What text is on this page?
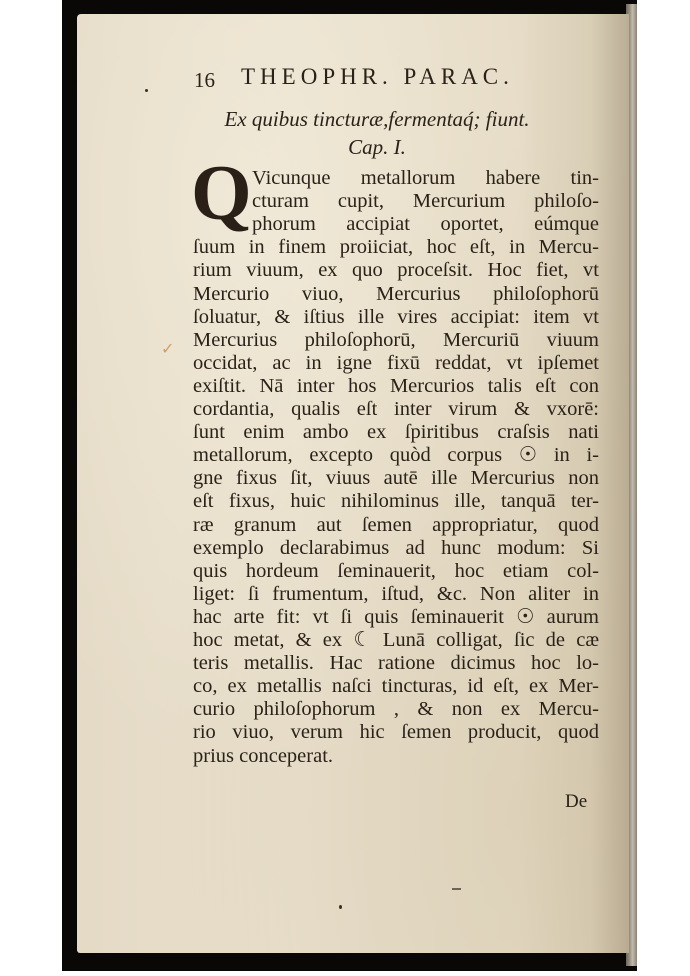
16 THEOPHR. PARAC.
Ex quibus tincturæ,fermentaq́; fiunt.
Cap. I.
Q
✓
Vicunque metallorum habere tin-
cturam cupit, Mercurium philoſo-
phorum accipiat oportet, eúmque
ſuum in finem proiiciat, hoc eſt, in Mercu-
rium viuum, ex quo proceſsit. Hoc fiet, vt
Mercurio viuo, Mercurius philoſophorū
ſoluatur, & iſtius ille vires accipiat: item vt
Mercurius philoſophorū, Mercuriū viuum
occidat, ac in igne fixū reddat, vt ipſemet
exiſtit. Nā inter hos Mercurios talis eſt con
cordantia, qualis eſt inter virum & vxorē:
ſunt enim ambo ex ſpiritibus craſsis nati
metallorum, excepto quòd corpus ☉ in i-
gne fixus ſit, viuus autē ille Mercurius non
eſt fixus, huic nihilominus ille, tanquā ter-
ræ granum aut ſemen appropriatur, quod
exemplo declarabimus ad hunc modum: Si
quis hordeum ſeminauerit, hoc etiam col-
liget: ſi frumentum, iſtud, &c. Non aliter in
hac arte fit: vt ſi quis ſeminauerit ☉ aurum
hoc metat, & ex ☾ Lunā colligat, ſic de cæ
teris metallis. Hac ratione dicimus hoc lo-
co, ex metallis naſci tincturas, id eſt, ex Mer-
curio philoſophorum , & non ex Mercu-
rio viuo, verum hic ſemen producit, quod
prius conceperat.
De
